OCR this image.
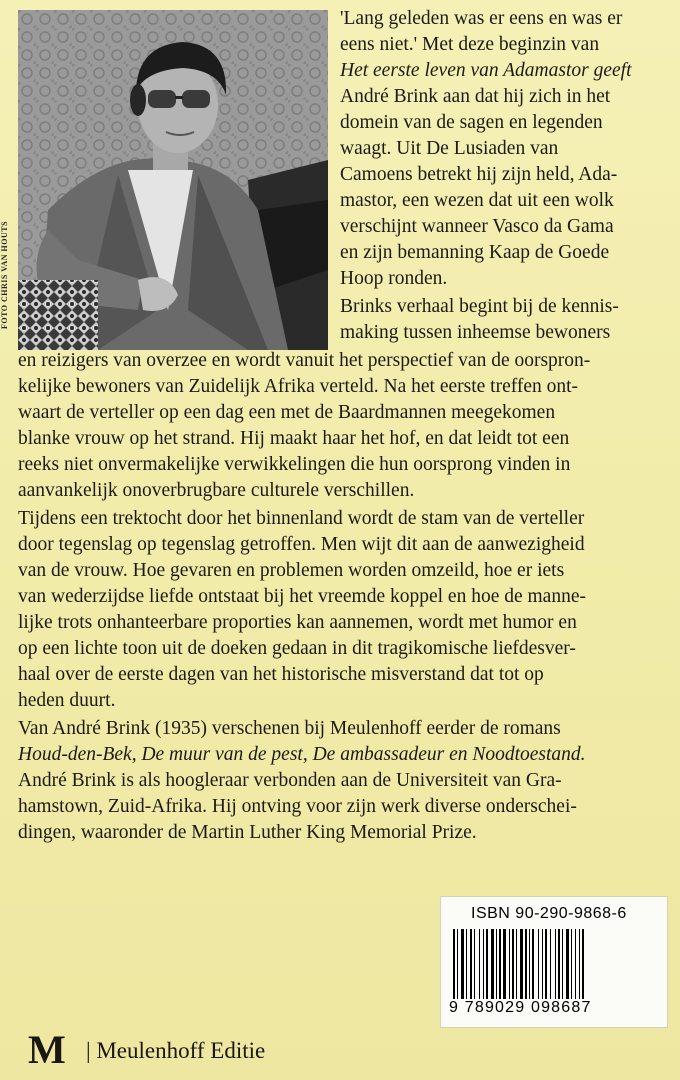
FOTO CHRIS VAN HOUTS
'Lang geleden was er eens en was er
eens niet.' Met deze beginzin van
Het eerste leven van Adamastor geeft
André Brink aan dat hij zich in het
domein van de sagen en legenden
waagt. Uit De Lusiaden van
Camoens betrekt hij zijn held, Ada-
mastor, een wezen dat uit een wolk
verschijnt wanneer Vasco da Gama
en zijn bemanning Kaap de Goede
Hoop ronden.
Brinks verhaal begint bij de kennis-
making tussen inheemse bewoners
en reizigers van overzee en wordt vanuit het perspectief van de oorspron-
kelijke bewoners van Zuidelijk Afrika verteld. Na het eerste treffen ont-
waart de verteller op een dag een met de Baardmannen meegekomen
blanke vrouw op het strand. Hij maakt haar het hof, en dat leidt tot een
reeks niet onvermakelijke verwikkelingen die hun oorsprong vinden in
aanvankelijk onoverbrugbare culturele verschillen.
Tijdens een trektocht door het binnenland wordt de stam van de verteller
door tegenslag op tegenslag getroffen. Men wijt dit aan de aanwezigheid
van de vrouw. Hoe gevaren en problemen worden omzeild, hoe er iets
van wederzijdse liefde ontstaat bij het vreemde koppel en hoe de manne-
lijke trots onhanteerbare proporties kan aannemen, wordt met humor en
op een lichte toon uit de doeken gedaan in dit tragikomische liefdesver-
haal over de eerste dagen van het historische misverstand dat tot op
heden duurt.
Van André Brink (1935) verschenen bij Meulenhoff eerder de romans
Houd-den-Bek, De muur van de pest, De ambassadeur en Noodtoestand.
André Brink is als hoogleraar verbonden aan de Universiteit van Gra-
hamstown, Zuid-Afrika. Hij ontving voor zijn werk diverse onderschei-
dingen, waaronder de Martin Luther King Memorial Prize.
ISBN 90-290-9868-6
9 789029 098687
M | Meulenhoff Editie
